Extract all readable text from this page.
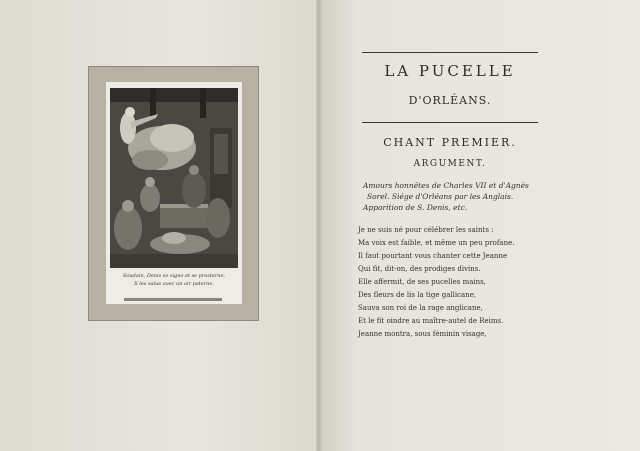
Soudain, Denis se signe et se prosterne,
Il les salue avec un air paterne.
LA PUCELLE
D'ORLÉANS.
CHANT PREMIER.
ARGUMENT.
Amours honnêtes de Charles VII et d'Agnès
Sorel. Siége d'Orléans par les Anglais.
Apparition de S. Denis, etc.
Je ne suis né pour célébrer les saints :
Ma voix est faible, et même un peu profane.
Il faut pourtant vous chanter cette Jeanne
Qui fit, dit-on, des prodiges divins.
Elle affermit, de ses pucelles mains,
Des fleurs de lis la tige gallicane,
Sauva son roi de la rage anglicane,
Et le fit oindre au maître-autel de Reims.
Jeanne montra, sous féminin visage,
